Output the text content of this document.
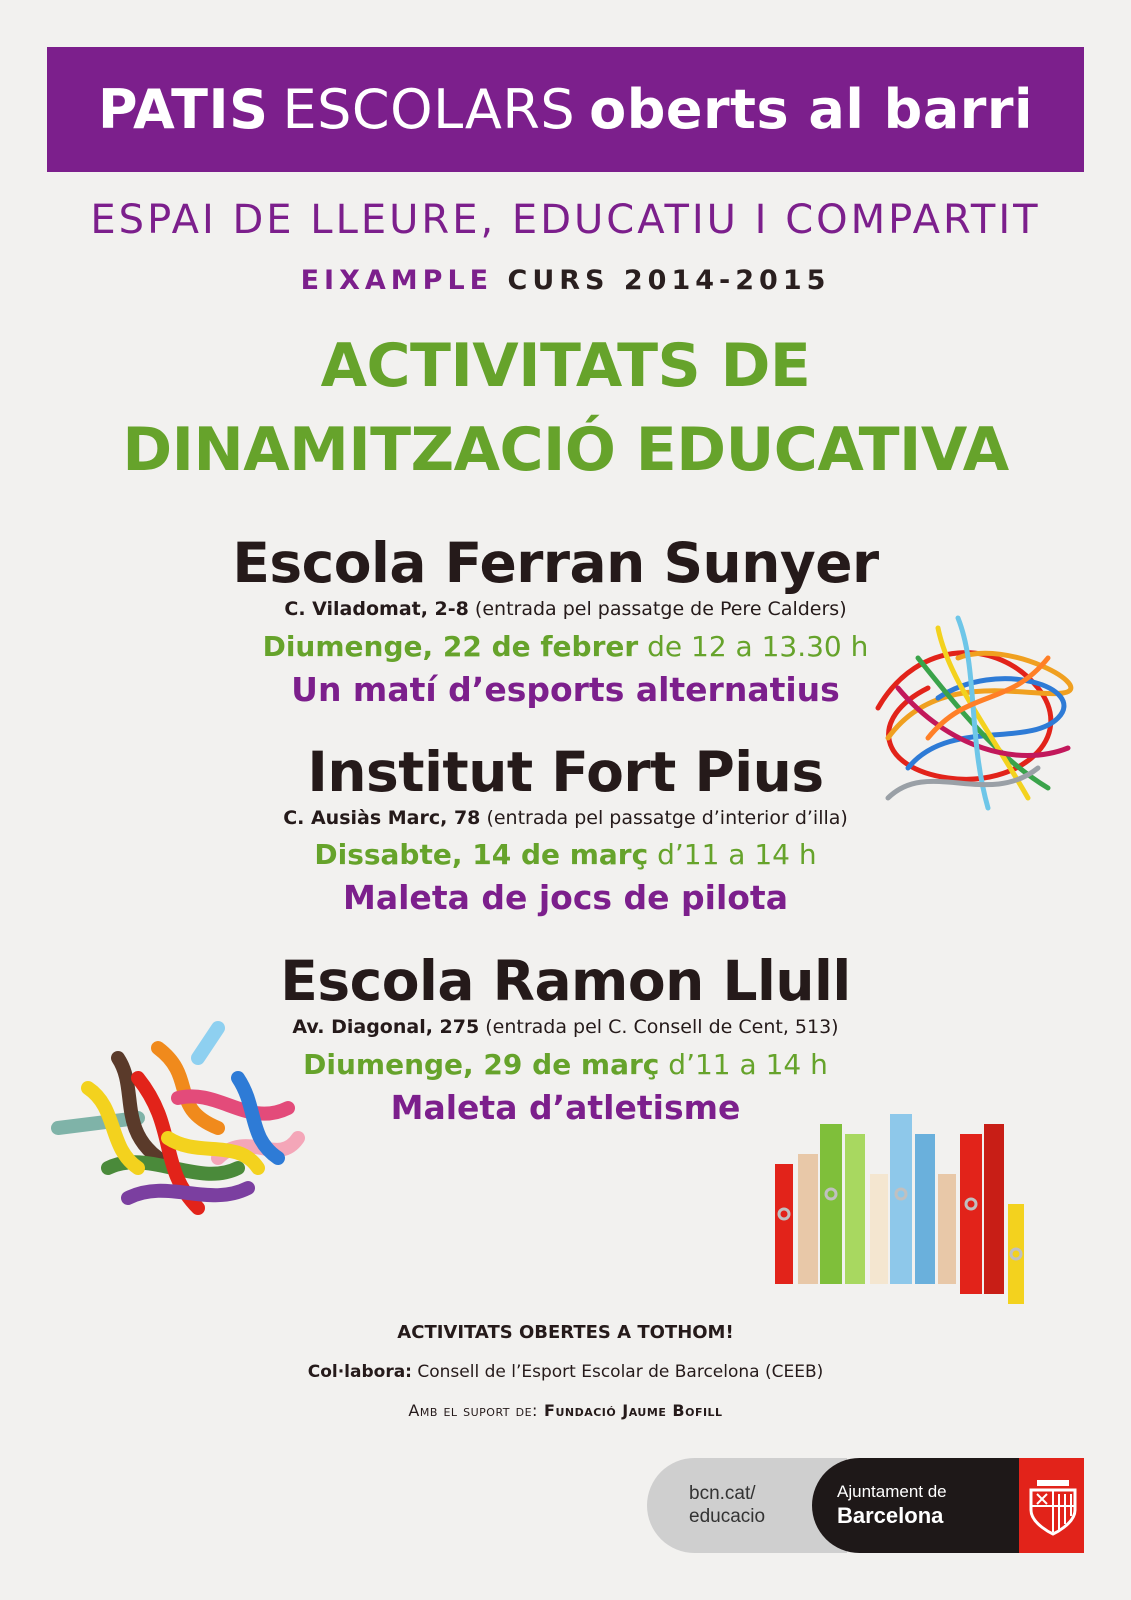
PATIS ESCOLARS oberts al barri
ESPAI DE LLEURE, EDUCATIU I COMPARTIT
EIXAMPLE CURS 2014-2015
ACTIVITATS DE
DINAMITZACIÓ EDUCATIVA
Escola Ferran Sunyer
C. Viladomat, 2-8 (entrada pel passatge de Pere Calders)
Diumenge, 22 de febrer de 12 a 13.30 h
Un matí d’esports alternatius
Institut Fort Pius
C. Ausiàs Marc, 78 (entrada pel passatge d’interior d’illa)
Dissabte, 14 de març d’11 a 14 h
Maleta de jocs de pilota
Escola Ramon Llull
Av. Diagonal, 275 (entrada pel C. Consell de Cent, 513)
Diumenge, 29 de març d’11 a 14 h
Maleta d’atletisme
ACTIVITATS OBERTES A TOTHOM!
Col·labora: Consell de l’Esport Escolar de Barcelona (CEEB)
Amb el suport de: Fundació Jaume Bofill
bcn.cat/
educacio
Ajuntament de
Barcelona
